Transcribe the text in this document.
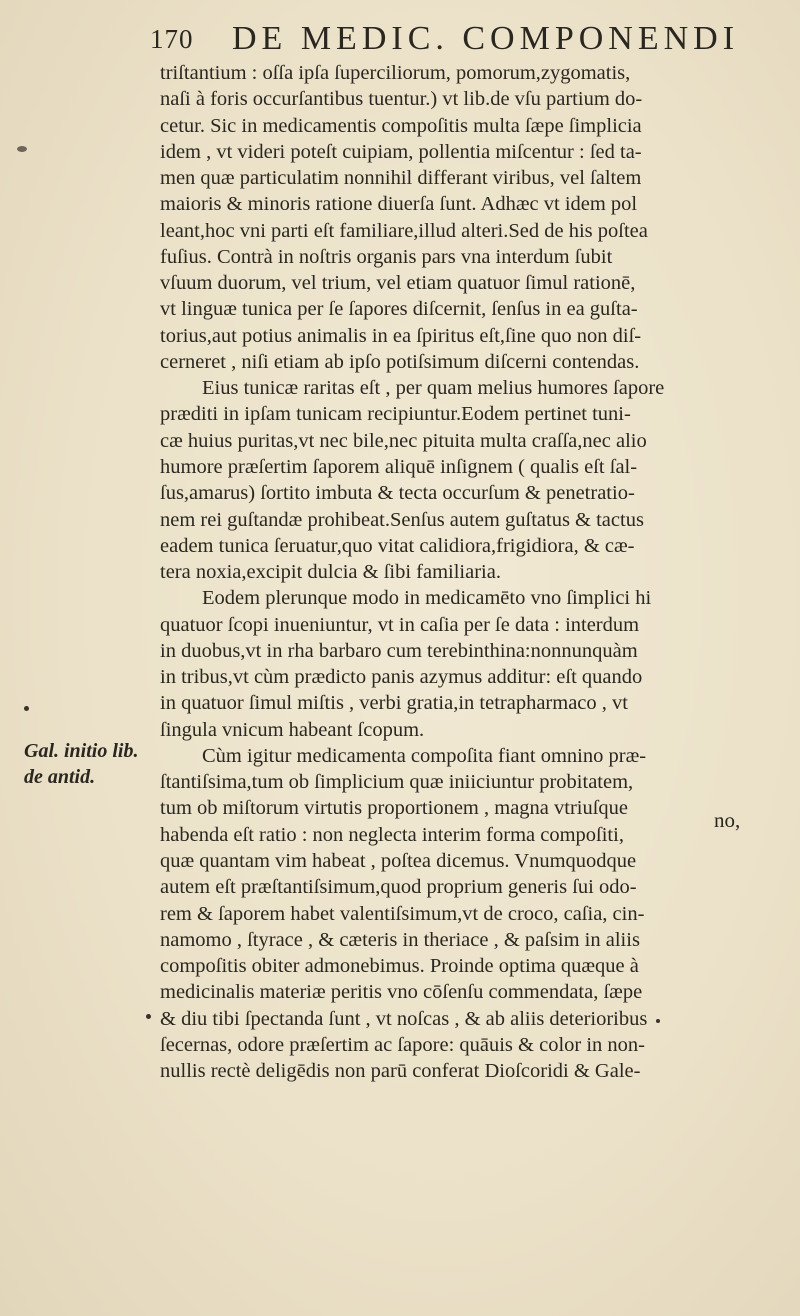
170 DE MEDIC. COMPONENDI
triſtantium : oſſa ipſa ſuperciliorum, pomorum,zygomatis,
naſi à foris occurſantibus tuentur.) vt lib.de vſu partium do-
cetur. Sic in medicamentis compoſitis multa ſæpe ſimplicia
idem , vt videri poteſt cuipiam, pollentia miſcentur : ſed ta-
men quæ particulatim nonnihil differant viribus, vel ſaltem
maioris & minoris ratione diuerſa ſunt. Adhæc vt idem pol
leant,hoc vni parti eſt familiare,illud alteri.Sed de his poſtea
fuſius. Contrà in noſtris organis pars vna interdum ſubit
vſuum duorum, vel trium, vel etiam quatuor ſimul rationē,
vt linguæ tunica per ſe ſapores diſcernit, ſenſus in ea guſta-
torius,aut potius animalis in ea ſpiritus eſt,ſine quo non diſ-
cerneret , niſi etiam ab ipſo potiſsimum diſcerni contendas.
Eius tunicæ raritas eſt , per quam melius humores ſapore
præditi in ipſam tunicam recipiuntur.Eodem pertinet tuni-
cæ huius puritas,vt nec bile,nec pituita multa craſſa,nec alio
humore præſertim ſaporem aliquē inſignem ( qualis eſt ſal-
ſus,amarus) ſortito imbuta & tecta occurſum & penetratio-
nem rei guſtandæ prohibeat.Senſus autem guſtatus & tactus
eadem tunica ſeruatur,quo vitat calidiora,frigidiora, & cæ-
tera noxia,excipit dulcia & ſibi familiaria.
Eodem plerunque modo in medicamēto vno ſimplici hi
quatuor ſcopi inueniuntur, vt in caſia per ſe data : interdum
in duobus,vt in rha barbaro cum terebinthina:nonnunquàm
in tribus,vt cùm prædicto panis azymus additur: eſt quando
in quatuor ſimul miſtis , verbi gratia,in tetrapharmaco , vt
ſingula vnicum habeant ſcopum.
Cùm igitur medicamenta compoſita fiant omnino præ-
ſtantiſsima,tum ob ſimplicium quæ iniiciuntur probitatem,
tum ob miſtorum virtutis proportionem , magna vtriuſque
habenda eſt ratio : non neglecta interim forma compoſiti,
quæ quantam vim habeat , poſtea dicemus. Vnumquodque
autem eſt præſtantiſsimum,quod proprium generis ſui odo-
rem & ſaporem habet valentiſsimum,vt de croco, caſia, cin-
namomo , ſtyrace , & cæteris in theriace , & paſsim in aliis
compoſitis obiter admonebimus. Proinde optima quæque à
medicinalis materiæ peritis vno cōſenſu commendata, ſæpe
& diu tibi ſpectanda ſunt , vt noſcas , & ab aliis deterioribus
ſecernas, odore præſertim ac ſapore: quāuis & color in non-
nullis rectè deligēdis non parū conferat Dioſcoridi & Gale-
Gal. initio lib.
de antid.
no,
